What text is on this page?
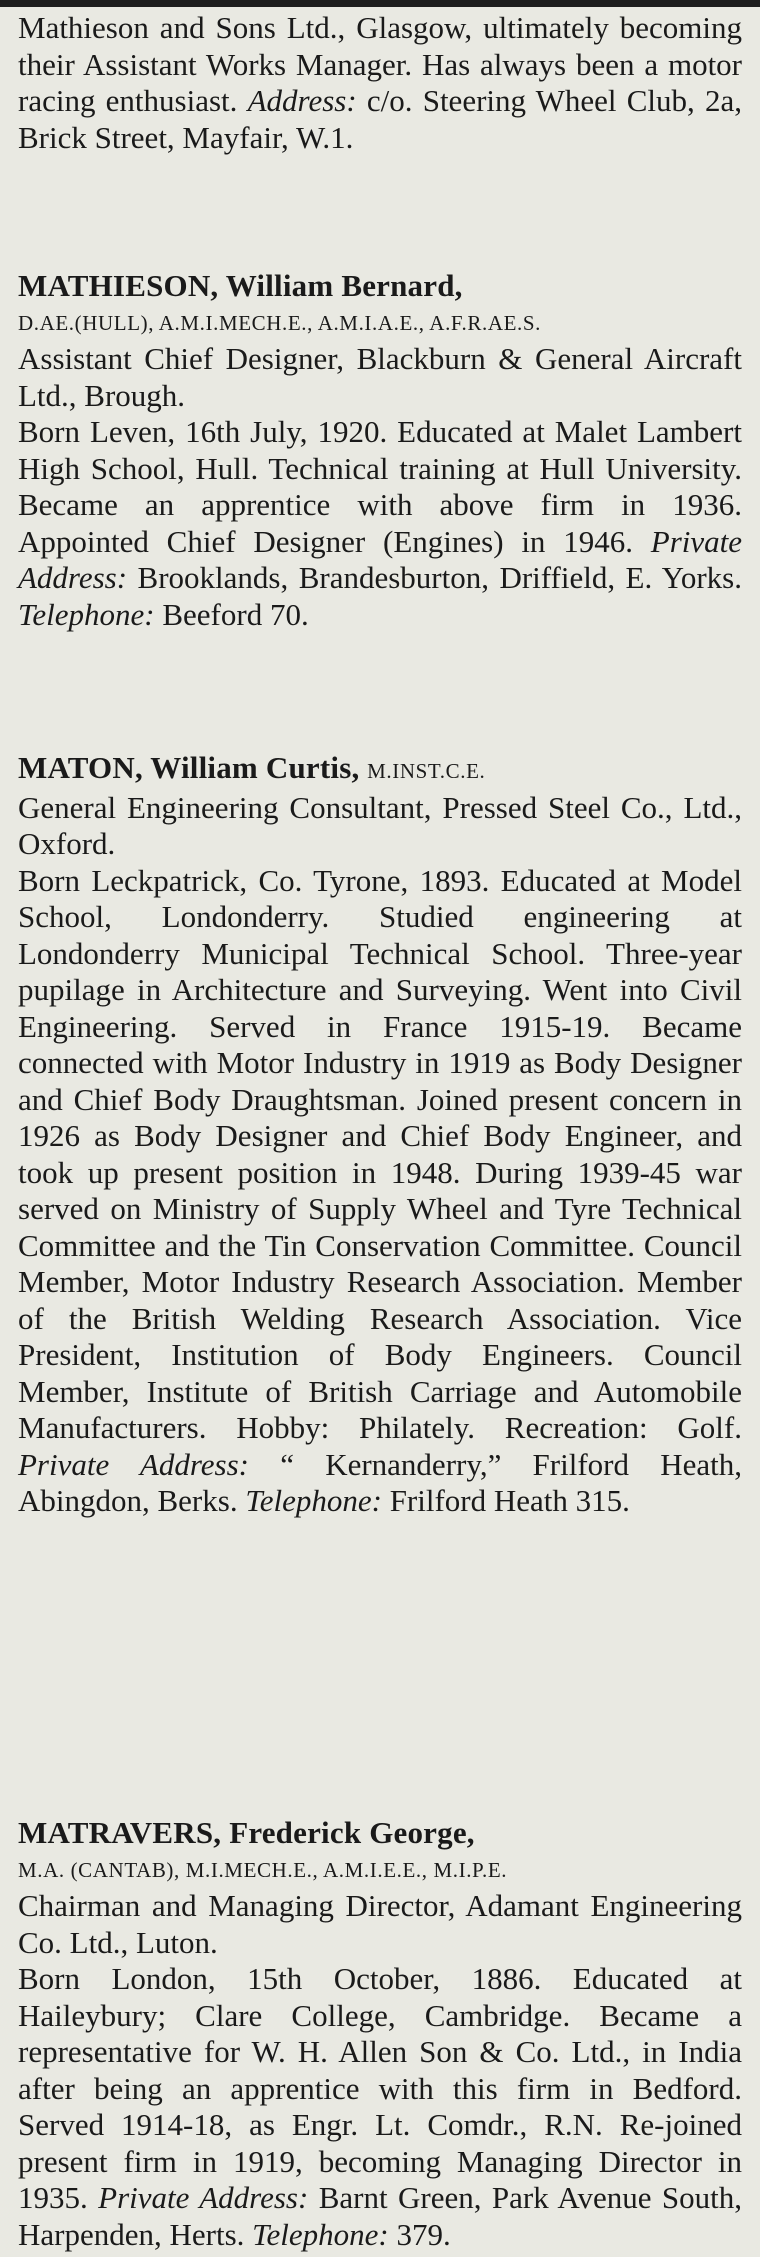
Mathieson and Sons Ltd., Glasgow, ultimately becoming their Assistant Works Manager. Has always been a motor racing enthusiast. Address: c/o. Steering Wheel Club, 2a, Brick Street, Mayfair, W.1.

MATHIESON, William Bernard,
D.AE.(HULL), A.M.I.MECH.E., A.M.I.A.E., A.F.R.AE.S.

Assistant Chief Designer, Blackburn & General Aircraft Ltd., Brough.

Born Leven, 16th July, 1920. Educated at Malet Lambert High School, Hull. Technical training at Hull University. Became an apprentice with above firm in 1936. Appointed Chief Designer (Engines) in 1946. Private Address: Brooklands, Brandesburton, Driffield, E. Yorks. Telephone: Beeford 70.

MATON, William Curtis, M.INST.C.E.

General Engineering Consultant, Pressed Steel Co., Ltd., Oxford.

Born Leckpatrick, Co. Tyrone, 1893. Educated at Model School, Londonderry. Studied engineering at Londonderry Municipal Technical School. Three-year pupilage in Architecture and Surveying. Went into Civil Engineering. Served in France 1915-19. Became connected with Motor Industry in 1919 as Body Designer and Chief Body Draughtsman. Joined present concern in 1926 as Body Designer and Chief Body Engineer, and took up present position in 1948. During 1939-45 war served on Ministry of Supply Wheel and Tyre Technical Committee and the Tin Conservation Committee. Council Member, Motor Industry Research Association. Member of the British Welding Research Association. Vice President, Institution of Body Engineers. Council Member, Institute of British Carriage and Automobile Manufacturers. Hobby: Philately. Recreation: Golf. Private Address: “ Kernanderry,” Frilford Heath, Abingdon, Berks. Telephone: Frilford Heath 315.

MATRAVERS, Frederick George,
M.A. (CANTAB), M.I.MECH.E., A.M.I.E.E., M.I.P.E.

Chairman and Managing Director, Adamant Engineering Co. Ltd., Luton.

Born London, 15th October, 1886. Educated at Haileybury; Clare College, Cambridge. Became a representative for W. H. Allen Son & Co. Ltd., in India after being an apprentice with this firm in Bedford. Served 1914-18, as Engr. Lt. Comdr., R.N. Re-joined present firm in 1919, becoming Managing Director in 1935. Private Address: Barnt Green, Park Avenue South, Harpenden, Herts. Telephone: 379.
